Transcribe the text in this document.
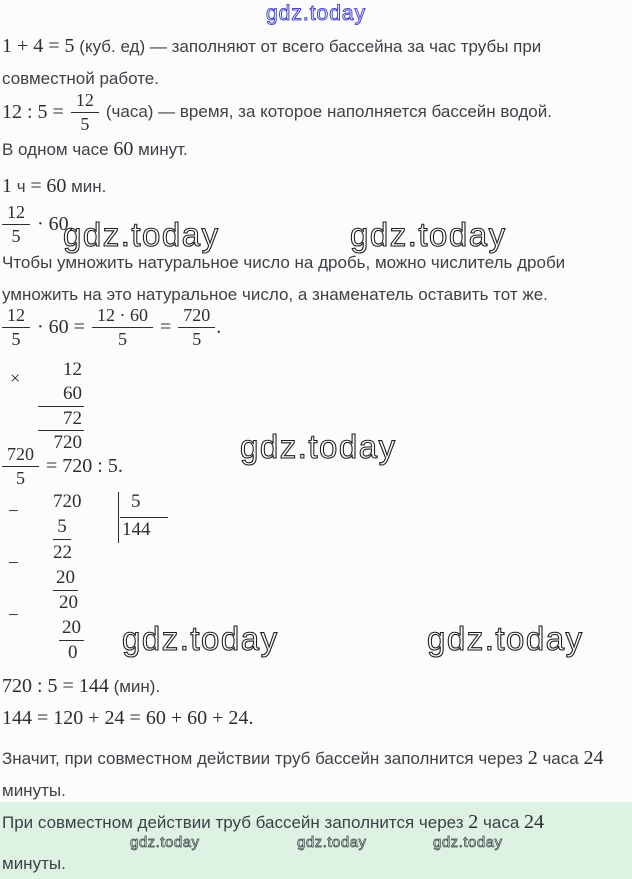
gdz.today
gdz.today	gdz.today
gdz.today
gdz.today	gdz.today

1 + 4 = 5 (куб. ед) — заполняют от всего бассейна за час трубы при совместной работе.

12 : $5 = \frac{12}{5}$ (часа) — время, за которое наполняется бассейн водой.

В одном часе 60 минут.

1 ч = 60 мин.

$\frac{12}{5} \cdot 60$.

Чтобы умножить натуральное число на дробь, можно числитель дроби умножить на это натуральное число, а знаменатель оставить тот же.

$\frac{12}{5} \cdot 60 = \frac{12 \cdot 60}{5} = \frac{720}{5}$ .
×	12
60
72
720
$\frac{720}{5} = 720$ : 5.
− 720	5
144
5
22
−
20
20
−
20
0

720 : 5 = 144 (мин).

144 = 120 + 24 = 60 + 60 + 24.

Значит, при совместном действии труб бассейн заполнится через 2 часа 24
минуты.

При совместном действии труб бассейн заполнится через 2 часа 24
gdz.today	gdz.today	gdz.today
минуты.
